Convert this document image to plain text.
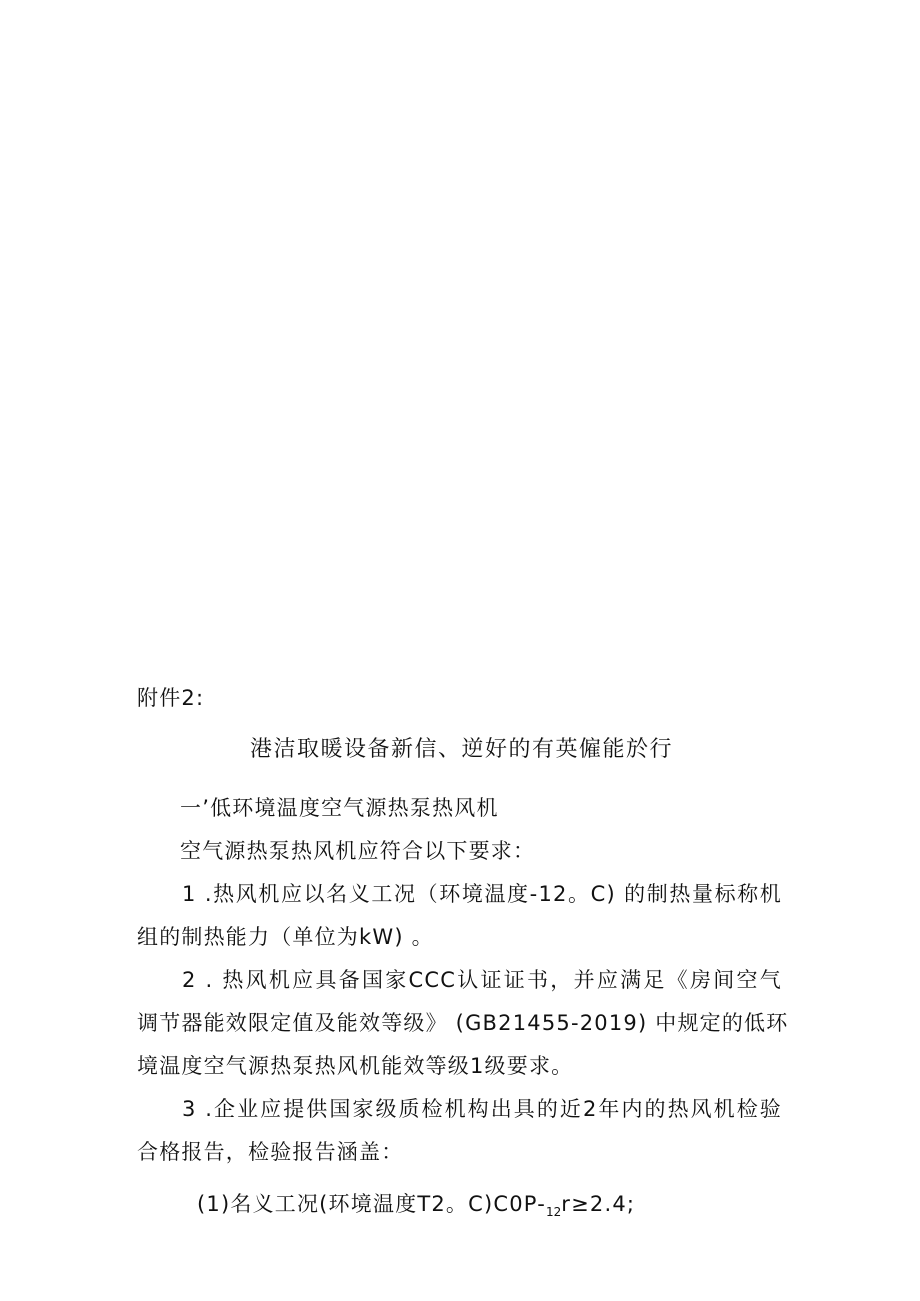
附件2:
港洁取暖设备新信、逆好的有英僱能於行
一’低环境温度空气源热泵热风机
空气源热泵热风机应符合以下要求：
1 .热风机应以名义工况（环境温度-12。C) 的制热量标称机
组的制热能力（单位为kW) 。
2 . 热风机应具备国家CCC认证证书，并应满足《房间空气
调节器能效限定值及能效等级》 (GB21455-2019) 中规定的低环
境温度空气源热泵热风机能效等级1级要求。
3 .企业应提供国家级质检机构出具的近2年内的热风机检验
合格报告，检验报告涵盖：
(1)名义工况(环境温度T2。$C)C0P-_{12}r\ge 2.4$;
